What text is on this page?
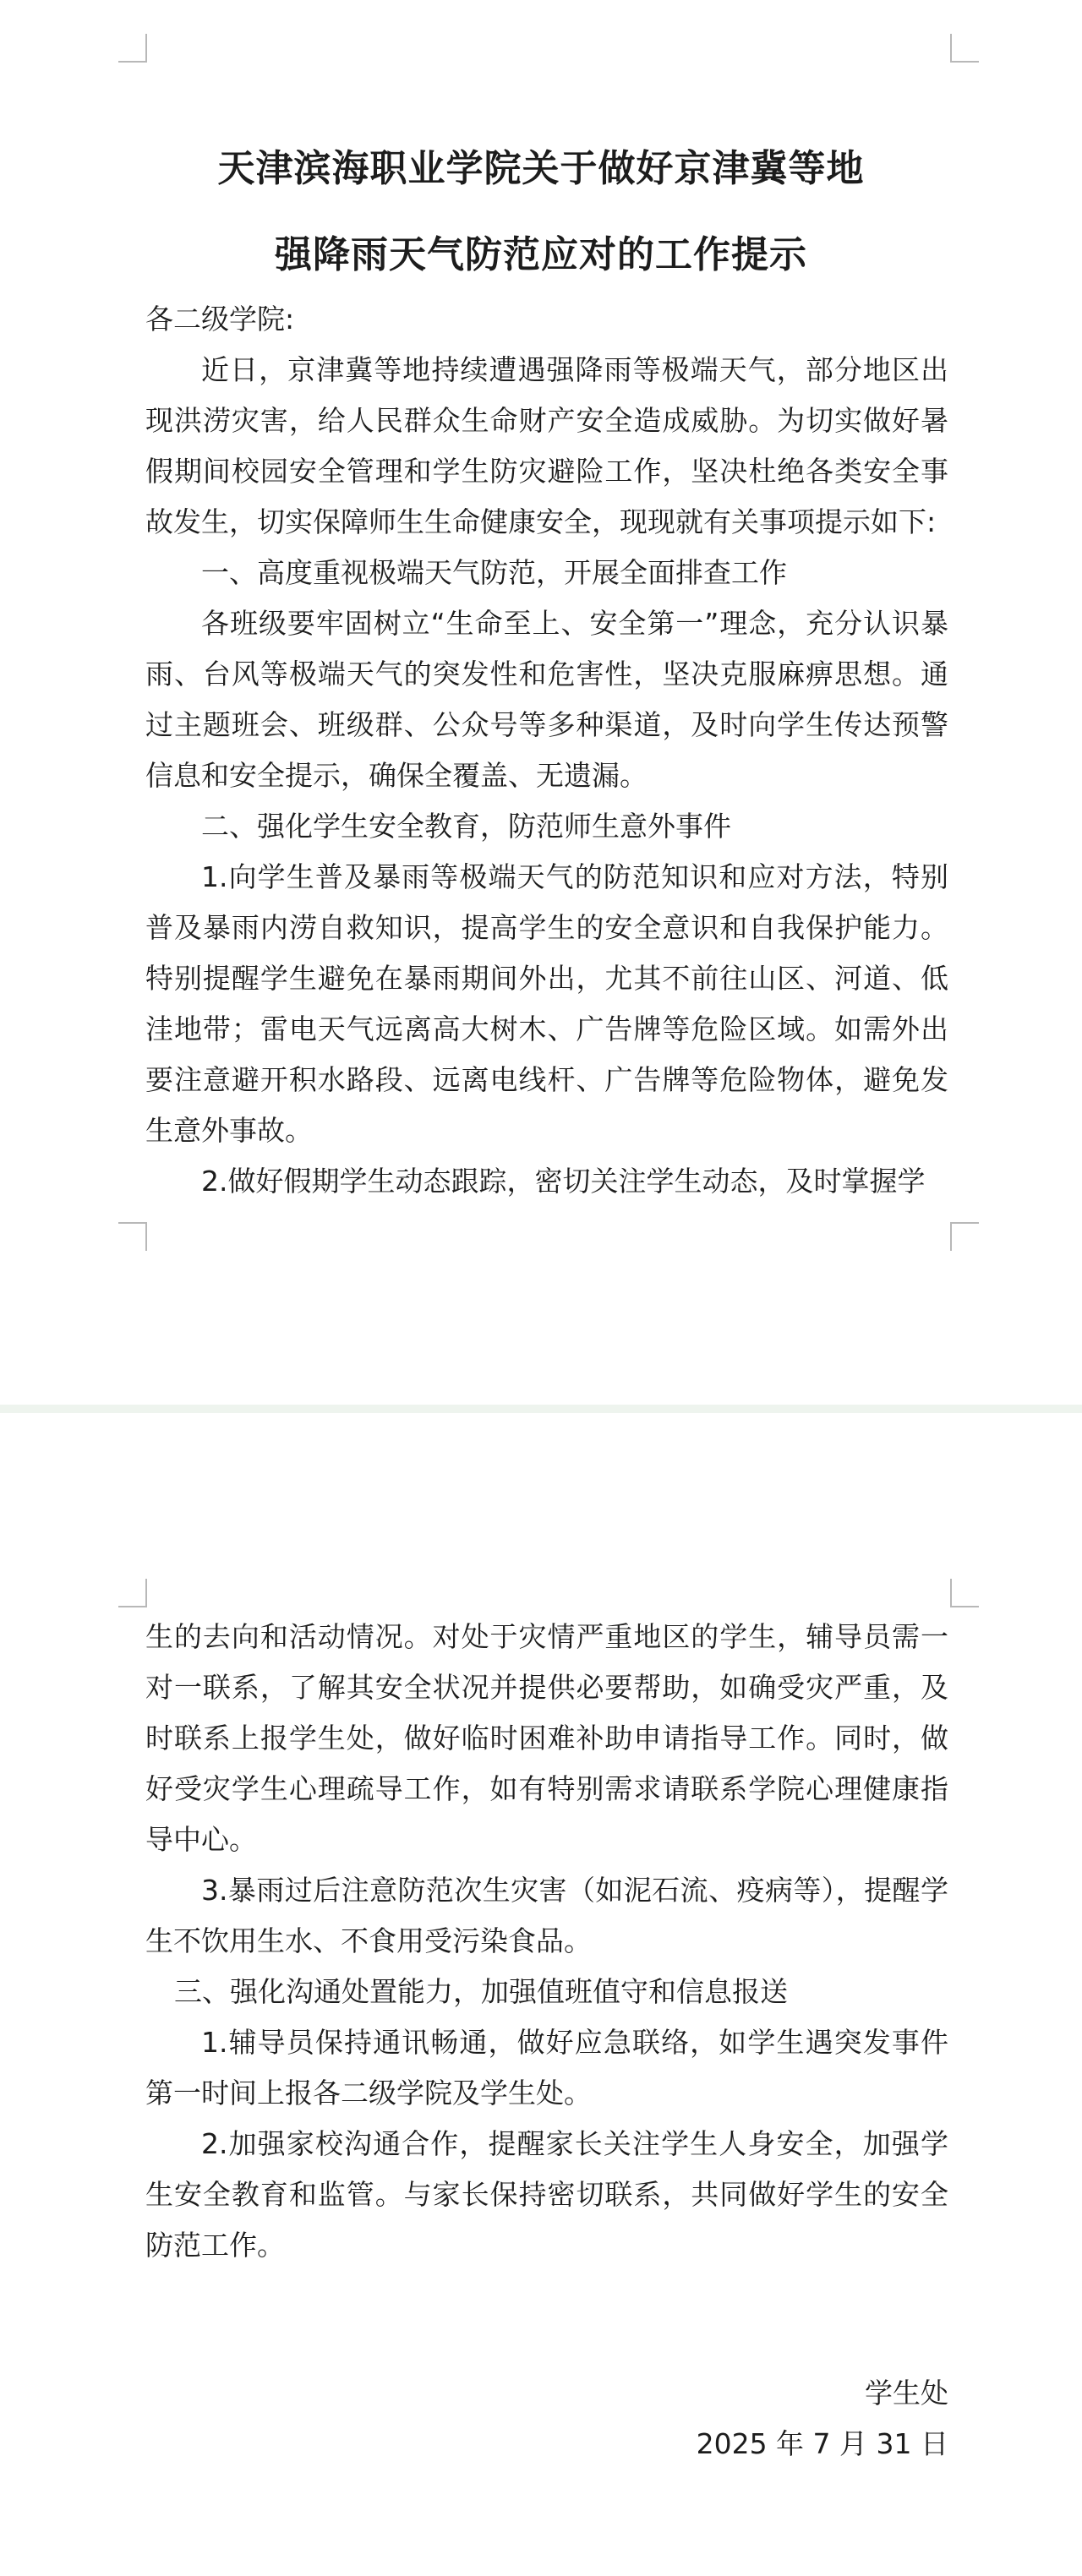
天津滨海职业学院关于做好京津冀等地
强降雨天气防范应对的工作提示

各二级学院:

近日，京津冀等地持续遭遇强降雨等极端天气，部分地区出现洪涝灾害，给人民群众生命财产安全造成威胁。为切实做好暑假期间校园安全管理和学生防灾避险工作，坚决杜绝各类安全事故发生，切实保障师生生命健康安全，现现就有关事项提示如下:

一、高度重视极端天气防范，开展全面排查工作

各班级要牢固树立“生命至上、安全第一”理念，充分认识暴雨、台风等极端天气的突发性和危害性，坚决克服麻痹思想。通过主题班会、班级群、公众号等多种渠道，及时向学生传达预警信息和安全提示，确保全覆盖、无遗漏。

二、强化学生安全教育，防范师生意外事件

1.向学生普及暴雨等极端天气的防范知识和应对方法，特别普及暴雨内涝自救知识，提高学生的安全意识和自我保护能力。特别提醒学生避免在暴雨期间外出，尤其不前往山区、河道、低洼地带；雷电天气远离高大树木、广告牌等危险区域。如需外出要注意避开积水路段、远离电线杆、广告牌等危险物体，避免发生意外事故。

2.做好假期学生动态跟踪，密切关注学生动态，及时掌握学

生的去向和活动情况。对处于灾情严重地区的学生，辅导员需一对一联系，了解其安全状况并提供必要帮助，如确受灾严重，及时联系上报学生处，做好临时困难补助申请指导工作。同时，做好受灾学生心理疏导工作，如有特别需求请联系学院心理健康指导中心。

3.暴雨过后注意防范次生灾害（如泥石流、疫病等），提醒学生不饮用生水、不食用受污染食品。

三、强化沟通处置能力，加强值班值守和信息报送

1.辅导员保持通讯畅通，做好应急联络，如学生遇突发事件第一时间上报各二级学院及学生处。

2.加强家校沟通合作，提醒家长关注学生人身安全，加强学生安全教育和监管。与家长保持密切联系，共同做好学生的安全防范工作。

学生处
2025 年 7 月 31 日
